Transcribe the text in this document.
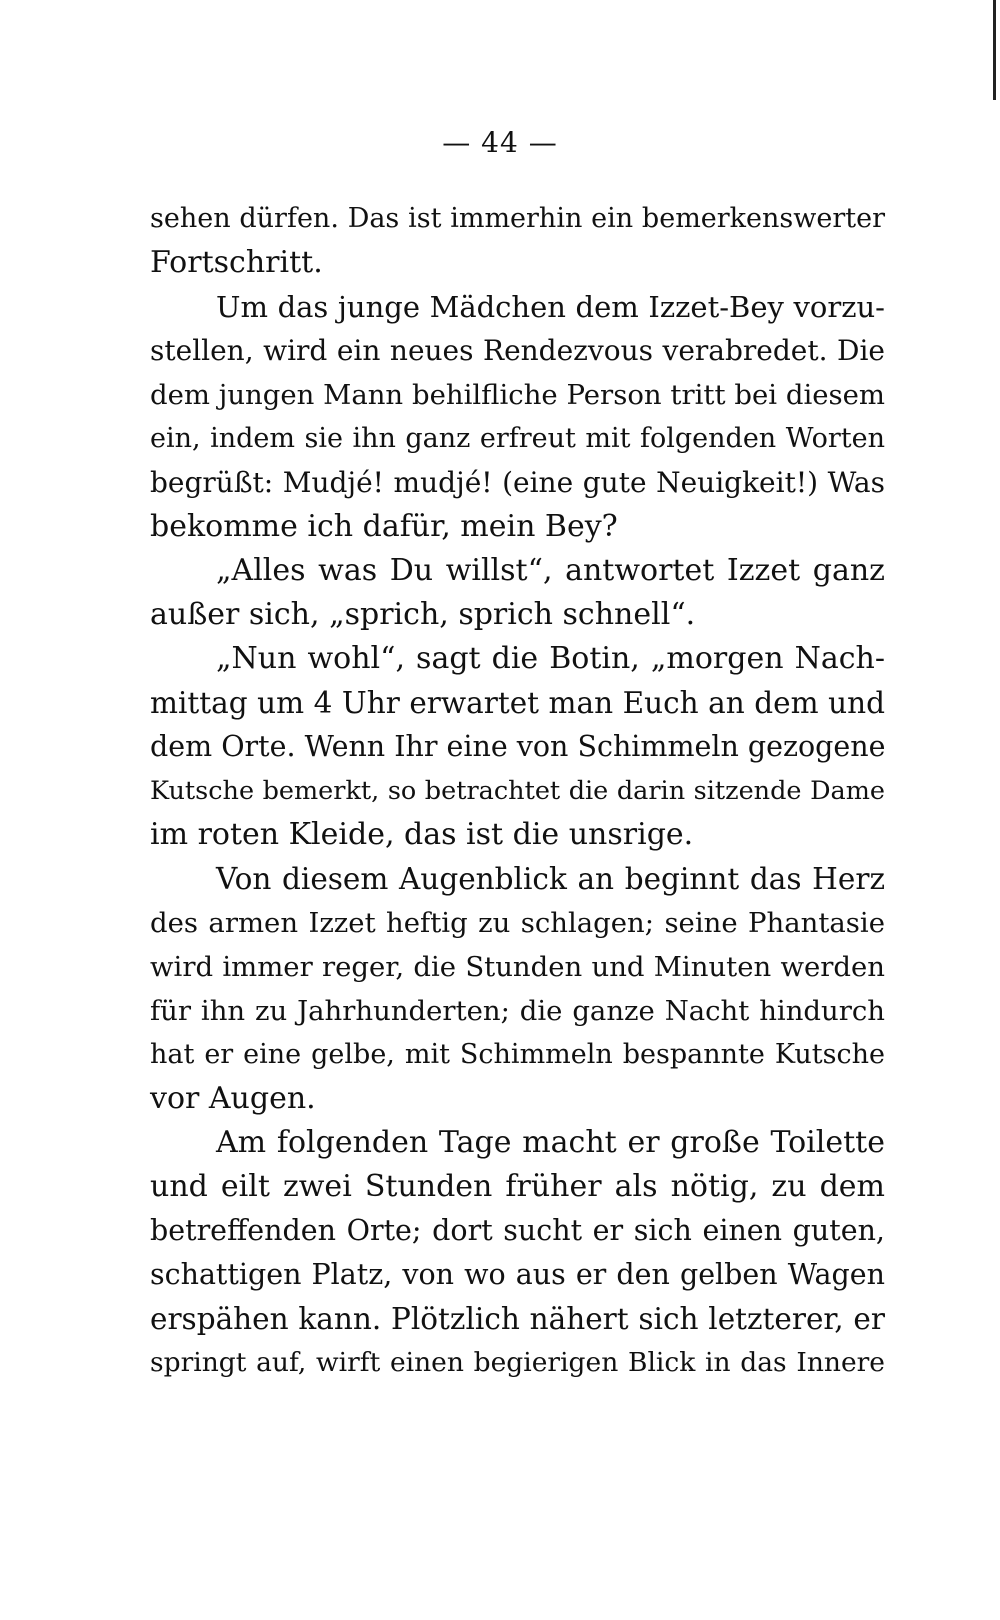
— 44 —
sehen dürfen. Das ist immerhin ein bemerkenswerter
Fortschritt.
Um das junge Mädchen dem Izzet-Bey vorzu-
stellen, wird ein neues Rendezvous verabredet. Die
dem jungen Mann behilfliche Person tritt bei diesem
ein, indem sie ihn ganz erfreut mit folgenden Worten
begrüßt: Mudjé! mudjé! (eine gute Neuigkeit!) Was
bekomme ich dafür, mein Bey?
„Alles was Du willst“, antwortet Izzet ganz
außer sich, „sprich, sprich schnell“.
„Nun wohl“, sagt die Botin, „morgen Nach-
mittag um 4 Uhr erwartet man Euch an dem und
dem Orte. Wenn Ihr eine von Schimmeln gezogene
Kutsche bemerkt, so betrachtet die darin sitzende Dame
im roten Kleide, das ist die unsrige.
Von diesem Augenblick an beginnt das Herz
des armen Izzet heftig zu schlagen; seine Phantasie
wird immer reger, die Stunden und Minuten werden
für ihn zu Jahrhunderten; die ganze Nacht hindurch
hat er eine gelbe, mit Schimmeln bespannte Kutsche
vor Augen.
Am folgenden Tage macht er große Toilette
und eilt zwei Stunden früher als nötig, zu dem
betreffenden Orte; dort sucht er sich einen guten,
schattigen Platz, von wo aus er den gelben Wagen
erspähen kann. Plötzlich nähert sich letzterer, er
springt auf, wirft einen begierigen Blick in das Innere
